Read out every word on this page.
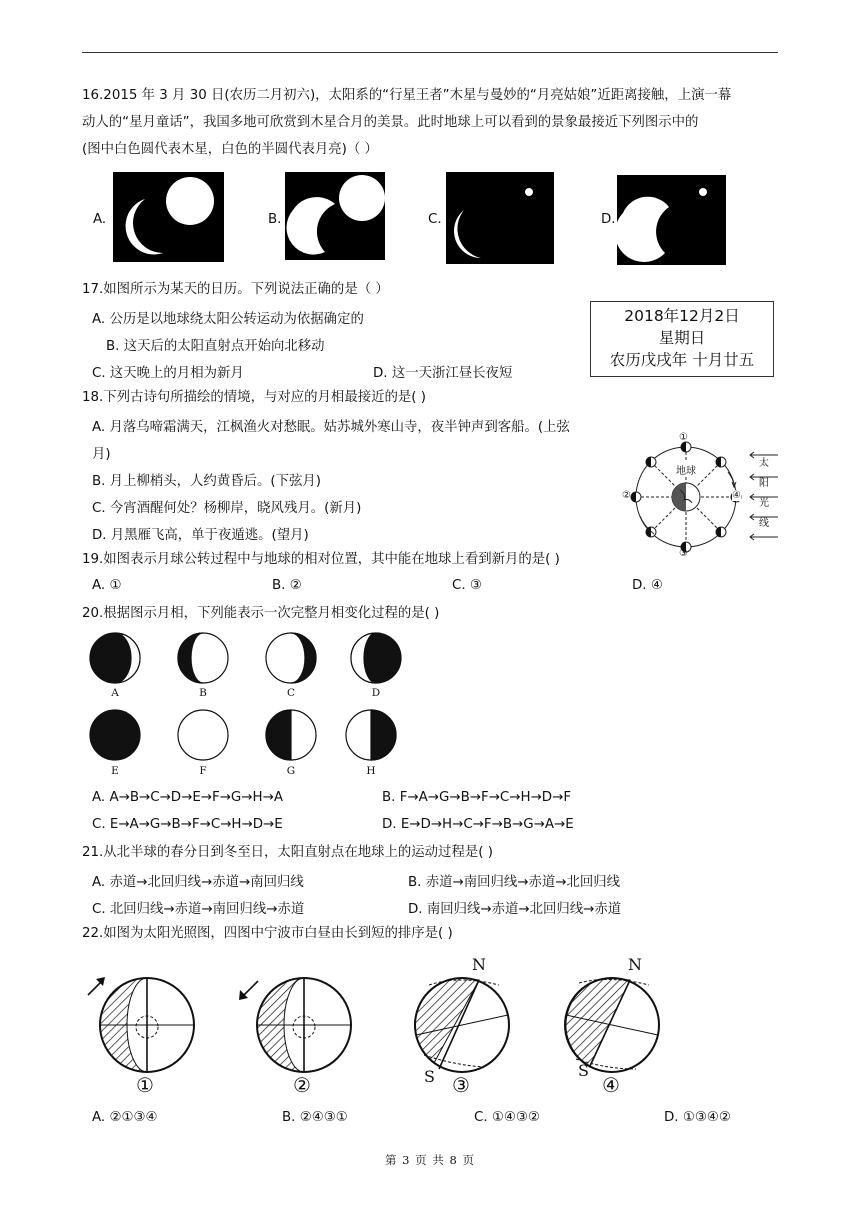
16.2015 年 3 月 30 日(农历二月初六)，太阳系的“行星王者”木星与曼妙的“月亮姑娘”近距离接触，上演一幕
动人的“星月童话”，我国多地可欣赏到木星合月的美景。此时地球上可以看到的景象最接近下列图示中的
(图中白色圆代表木星，白色的半圆代表月亮)（ ）
A.	B.	C.	D.
17.如图所示为某天的日历。下列说法正确的是（ ）
A. 公历是以地球绕太阳公转运动为依据确定的
B. 这天后的太阳直射点开始向北移动
C. 这天晚上的月相为新月	D. 这一天浙江昼长夜短
2018年12月2日
星期日
农历戊戌年 十月廿五
18.下列古诗句所描绘的情境，与对应的月相最接近的是( )
A. 月落乌啼霜满天，江枫渔火对愁眠。姑苏城外寒山寺，夜半钟声到客船。(上弦
月)
B. 月上柳梢头，人约黄昏后。(下弦月)
C. 今宵酒醒何处？杨柳岸，晓风残月。(新月)
D. 月黑雁飞高，单于夜遁逃。(望月)
地球
①
②
③
④
太
阳
光
线
19.如图表示月球公转过程中与地球的相对位置，其中能在地球上看到新月的是( )
A. ①	B. ②	C. ③	D. ④
20.根据图示月相，下列能表示一次完整月相变化过程的是( )
A	B	C	D
E	F	G	H
A. A→B→C→D→E→F→G→H→A	B. F→A→G→B→F→C→H→D→F
C. E→A→G→B→F→C→H→D→E	D. E→D→H→C→F→B→G→A→E
21.从北半球的春分日到冬至日，太阳直射点在地球上的运动过程是( )
A. 赤道→北回归线→赤道→南回归线	B. 赤道→南回归线→赤道→北回归线
C. 北回归线→赤道→南回归线→赤道	D. 南回归线→赤道→北回归线→赤道
22.如图为太阳光照图，四图中宁波市白昼由长到短的排序是( )
①	②	③	④
N
S
N
S
A. ②①③④	B. ②④③①	C. ①④③②	D. ①③④②
第 3 页 共 8 页
